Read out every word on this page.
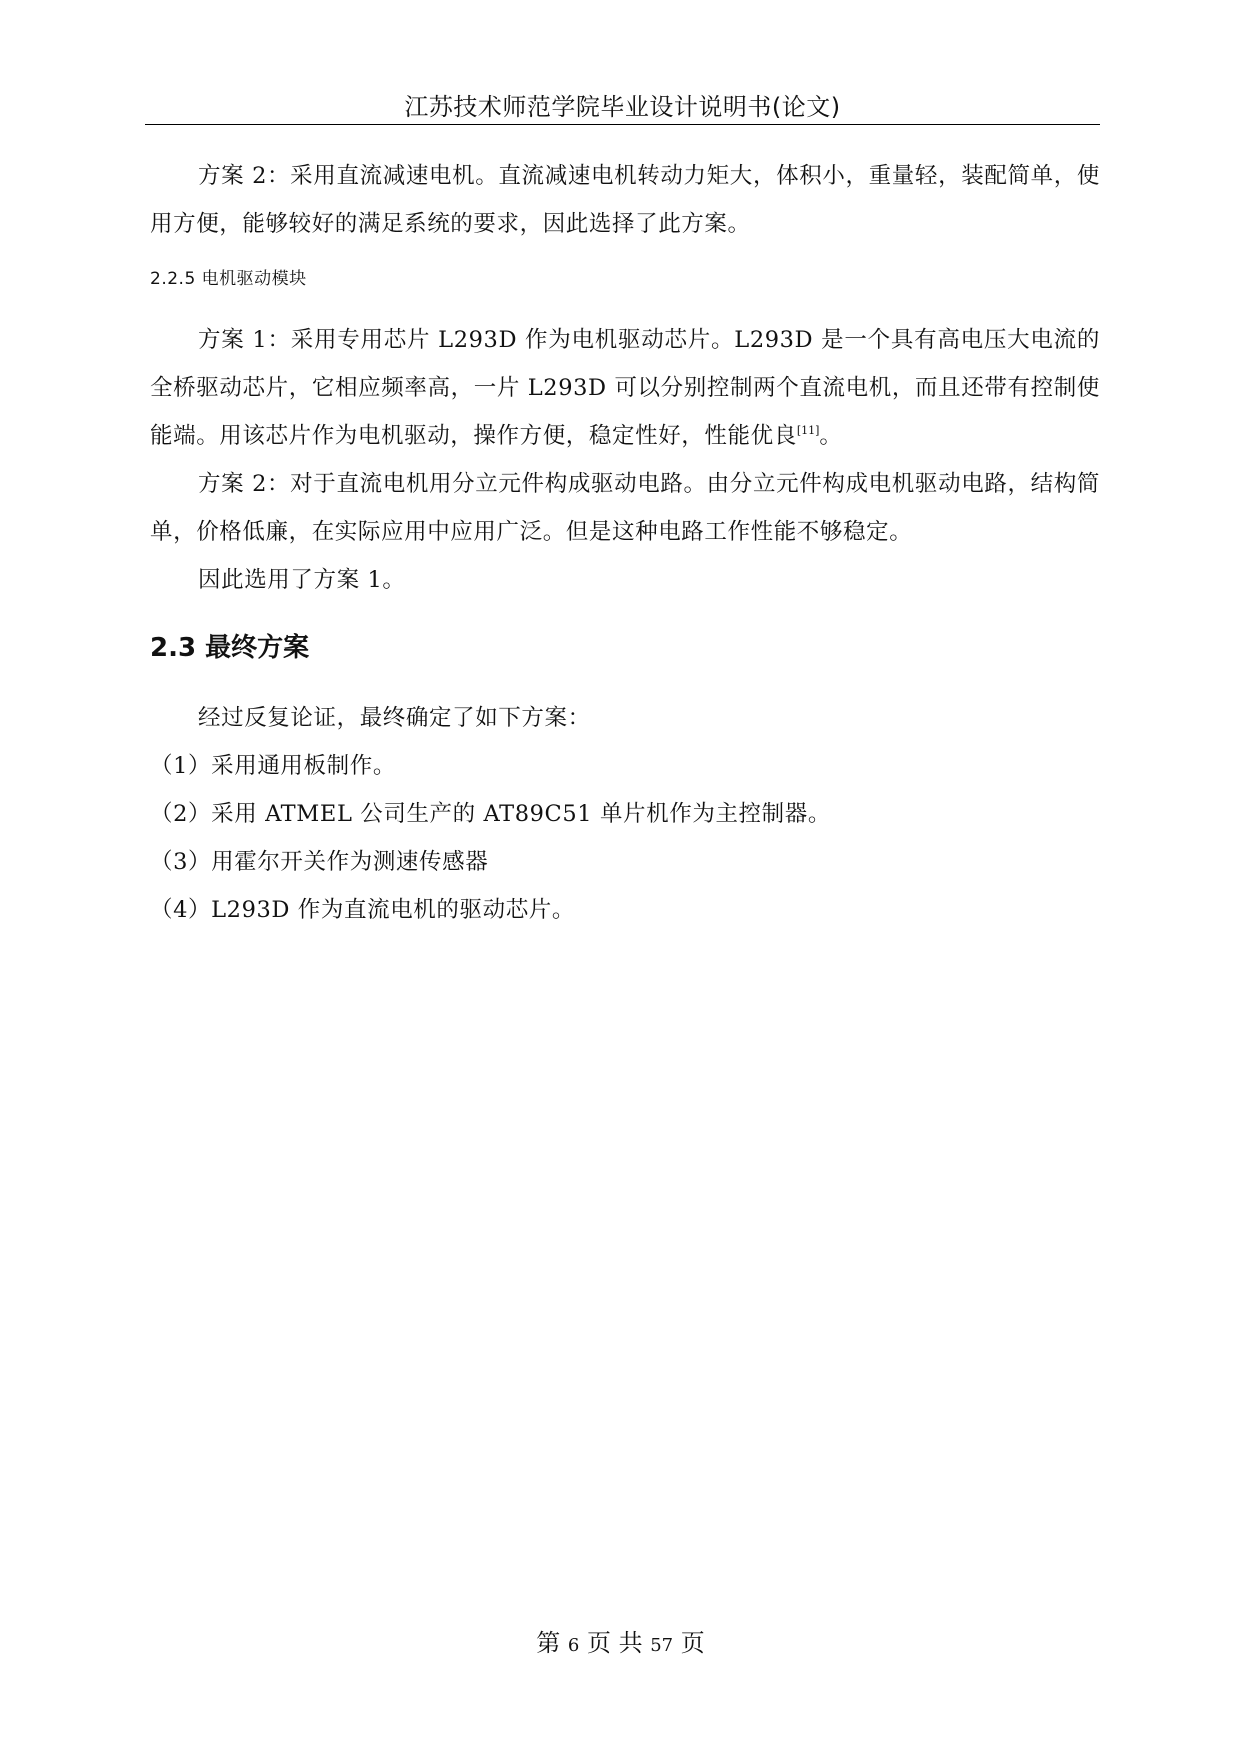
江苏技术师范学院毕业设计说明书(论文)

方案 2：采用直流减速电机。直流减速电机转动力矩大，体积小，重量轻，装配简单，使用方便，能够较好的满足系统的要求，因此选择了此方案。

2.2.5 电机驱动模块

方案 1：采用专用芯片 L293D 作为电机驱动芯片。L293D 是一个具有高电压大电流的全桥驱动芯片，它相应频率高，一片 L293D 可以分别控制两个直流电机，而且还带有控制使能端。用该芯片作为电机驱动，操作方便，稳定性好，性能优良[11]。

方案 2：对于直流电机用分立元件构成驱动电路。由分立元件构成电机驱动电路，结构简单，价格低廉，在实际应用中应用广泛。但是这种电路工作性能不够稳定。

因此选用了方案 1。

2.3 最终方案

经过反复论证，最终确定了如下方案：

（1）采用通用板制作。

（2）采用 ATMEL 公司生产的 AT89C51 单片机作为主控制器。

（3）用霍尔开关作为测速传感器

（4）L293D 作为直流电机的驱动芯片。

第 6 页 共 57 页
